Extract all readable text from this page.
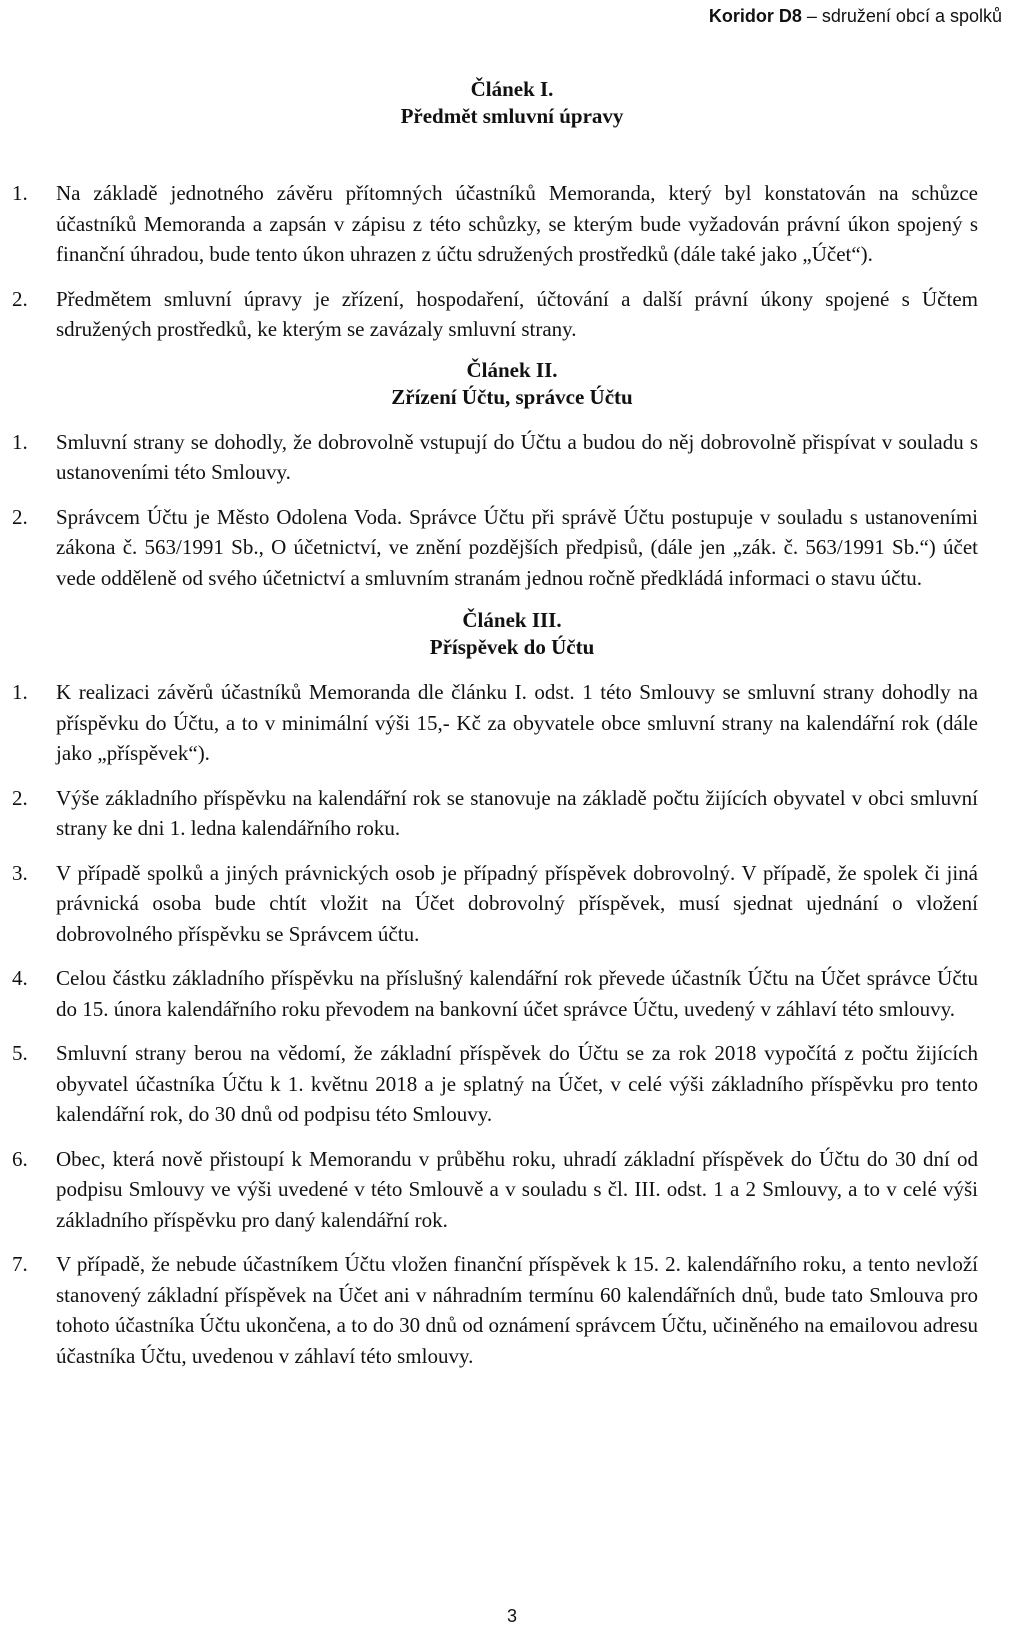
Koridor D8 – sdružení obcí a spolků
Článek I.
Předmět smluvní úpravy
1. Na základě jednotného závěru přítomných účastníků Memoranda, který byl konstatován na schůzce účastníků Memoranda a zapsán v zápisu z této schůzky, se kterým bude vyžadován právní úkon spojený s finanční úhradou, bude tento úkon uhrazen z účtu sdružených prostředků (dále také jako „Účet“).
2. Předmětem smluvní úpravy je zřízení, hospodaření, účtování a další právní úkony spojené s Účtem sdružených prostředků, ke kterým se zavázaly smluvní strany.
Článek II.
Zřízení Účtu, správce Účtu
1. Smluvní strany se dohodly, že dobrovolně vstupují do Účtu a budou do něj dobrovolně přispívat v souladu s ustanoveními této Smlouvy.
2. Správcem Účtu je Město Odolena Voda. Správce Účtu při správě Účtu postupuje v souladu s ustanoveními zákona č. 563/1991 Sb., O účetnictví, ve znění pozdějších předpisů, (dále jen „zák. č. 563/1991 Sb.“) účet vede odděleně od svého účetnictví a smluvním stranám jednou ročně předkládá informaci o stavu účtu.
Článek III.
Příspěvek do Účtu
1. K realizaci závěrů účastníků Memoranda dle článku I. odst. 1 této Smlouvy se smluvní strany dohodly na příspěvku do Účtu, a to v minimální výši 15,- Kč za obyvatele obce smluvní strany na kalendářní rok (dále jako „příspěvek“).
2. Výše základního příspěvku na kalendářní rok se stanovuje na základě počtu žijících obyvatel v obci smluvní strany ke dni 1. ledna kalendářního roku.
3. V případě spolků a jiných právnických osob je případný příspěvek dobrovolný. V případě, že spolek či jiná právnická osoba bude chtít vložit na Účet dobrovolný příspěvek, musí sjednat ujednání o vložení dobrovolného příspěvku se Správcem účtu.
4. Celou částku základního příspěvku na příslušný kalendářní rok převede účastník Účtu na Účet správce Účtu do 15. února kalendářního roku převodem na bankovní účet správce Účtu, uvedený v záhlaví této smlouvy.
5. Smluvní strany berou na vědomí, že základní příspěvek do Účtu se za rok 2018 vypočítá z počtu žijících obyvatel účastníka Účtu k 1. květnu 2018 a je splatný na Účet, v celé výši základního příspěvku pro tento kalendářní rok, do 30 dnů od podpisu této Smlouvy.
6. Obec, která nově přistoupí k Memorandu v průběhu roku, uhradí základní příspěvek do Účtu do 30 dní od podpisu Smlouvy ve výši uvedené v této Smlouvě a v souladu s čl. III. odst. 1 a 2 Smlouvy, a to v celé výši základního příspěvku pro daný kalendářní rok.
7. V případě, že nebude účastníkem Účtu vložen finanční příspěvek k 15. 2. kalendářního roku, a tento nevloží stanovený základní příspěvek na Účet ani v náhradním termínu 60 kalendářních dnů, bude tato Smlouva pro tohoto účastníka Účtu ukončena, a to do 30 dnů od oznámení správcem Účtu, učiněného na emailovou adresu účastníka Účtu, uvedenou v záhlaví této smlouvy.
3
